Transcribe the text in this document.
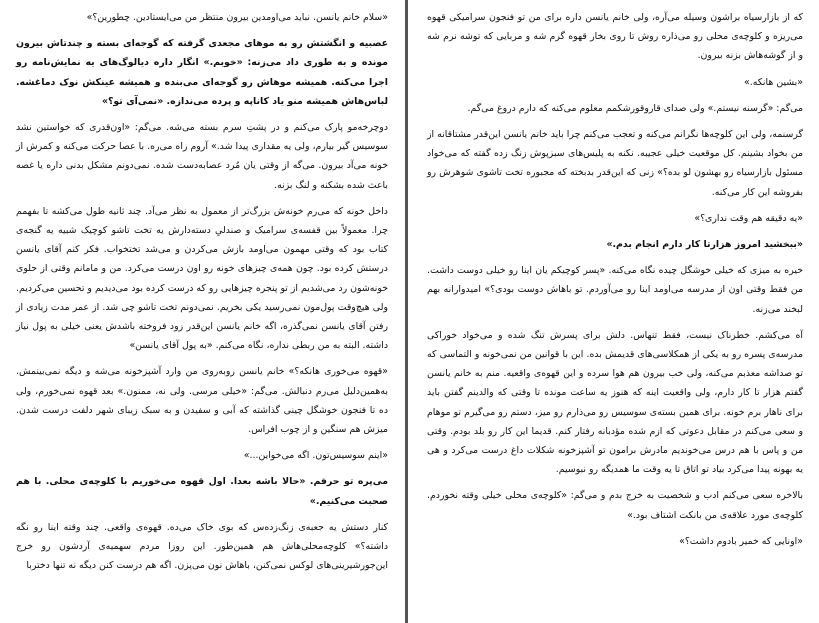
«سلام خانم یانسن. نباید می‌اومدین بیرون منتظر من می‌ایستادین. چطورین؟»

عصبیه و انگشتش رو به موهای مجعدی گرفته که گوجه‌ای بسته و چندتاش بیرون مونده و به طوری داد می‌زنه: «خوبم.» انگار داره دیالوگ‌های یه نمایش‌نامه رو اجرا می‌کنه. همیشه موهاش رو گوجه‌ای می‌بنده و همیشه عینکش نوک دماغشه. لباس‌هاش همیشه منو یاد کاناپه و پرده می‌ندازه. «نمی‌آی تو؟»

دوچرخه‌مو پارک می‌کنم و در پشتِ سرم بسته می‌شه. می‌گم: «اون‌قدری که خواستین نشد سوسیس گیر بیارم، ولی یه مقداری پیدا شد.» آروم راه می‌ره. با عصا حرکت می‌کنه و کمرش از خونه می‌آد بیرون. می‌گه از وقتی یان مُرد عصابه‌دست شده. نمی‌دونم مشکل بدنی داره یا غصه باعث شده بشکنه و لنگ بزنه.

داخل خونه که می‌رم خونه‌ش بزرگ‌تر از معمول به نظر می‌آد. چند ثانیه طول می‌کشه تا بفهمم چرا. معمولاً بین قفسه‌ی سرامیک و صندلیِ دسته‌دارش یه تخت تاشو کوچیک شبیه یه گنجه‌ی کتاب بود که وقتی مهمون می‌اومد بازش می‌کردن و می‌شد تختخواب. فکر کنم آقای یانسن درستش کرده بود. چون همه‌ی چیزهای خونه رو اون درست می‌کرد. من و مامانم وقتی از حلوی خونه‌شون رد می‌شدیم از تو پنجره چیزهایی رو که درست کرده بود می‌دیدیم و تحسین می‌کردیم. ولی هیچ‌وقت پول‌مون نمی‌رسید یکی بخریم. نمی‌دونم تخت تاشو چی شد. از عمر مدت زیادی از رفتن آقای یانسن نمی‌گذره، اگه خانم یانسن این‌قدر زود فروخته باشدش یعنی خیلی به پول نیاز داشته. البته به من ربطی نداره، نگاه می‌کنم. «به پول آقای یانسن»

«قهوه می‌خوری هانکه؟» خانم یانسن روبه‌روی من وارد آشپزخونه می‌شه و دیگه نمی‌بینمش. به‌همین‌دلیل می‌رم دنبالش. می‌گم: «خیلی مرسی. ولی نه، ممنون.» بعد قهوه نمی‌خورم، ولی ده تا فنجون خوشگل چینی گذاشته که آبی و سفیدن و به سبک زیبای شهر دلفت درست شدن. میزش هم سنگین و از چوب افراس.

«اینم سوسیس‌تون. اگه می‌خواین...»

می‌پره تو حرفم. «حالا باشه بعدا. اول قهوه می‌خوریم با کلوچه‌ی محلی. با هم صحبت می‌کنیم.»

کنار دستش یه جعبه‌ی زنگ‌زده‌س که بوی خاک می‌ده. قهوه‌ی واقعی. چند وقته اینا رو نگه داشته؟» کلوچه‌محلی‌هاش هم همین‌طور. این روزا مردم سهمیه‌ی آردشون رو خرج این‌جورشیرینی‌های لوکس نمی‌کنن، باهاش نون می‌پزن. اگه هم درست کنن دیگه نه تنها دختربا

که از بازارسیاه براشون وسیله می‌آره، ولی خانم یانسن داره برای من تو فنجون سرامیکی قهوه می‌ریزه و کلوچه‌ی محلی رو می‌ذاره روش تا روی بخار قهوه گرم شه و مربایی که توشه نرم شه و از گوشه‌هاش بزنه بیرون.

«بشین هانکه.»

می‌گم: «گرسنه نیستم.» ولی صدای قاروقورشکمم معلوم می‌کنه که دارم دروغ می‌گم.

گرسنمه، ولی این کلوچه‌ها نگرانم می‌کنه و تعجب می‌کنم چرا باید خانم یانسن این‌قدر مشتاقانه از من بخواد بشینم. کل موقعیت خیلی عجیبه. نکنه به پلیس‌های سبزپوش زنگ زده گفته که می‌خواد مسئول بازارسیاه رو بهشون لو بده؟» زنی که این‌قدر بدبخته که مجبوره تخت تاشوی شوهرش رو بفروشه این کار می‌کنه.

«یه دقیقه هم وقت نداری؟»

«ببخشید امروز هزارتا کار دارم انجام بدم.»

خیره به میزی که خیلی خوشگل چیده نگاه می‌کنه. «پسر کوچیکم یان اینا رو خیلی دوست داشت. من فقط وقتی اون از مدرسه می‌اومد اینا رو می‌آوردم. تو باهاش دوست بودی؟» امیدوارانه بهم لبخند می‌زنه.

آه می‌کشم. خطرناک نیست، فقط تنهاس. دلش برای پسرش تنگ شده و می‌خواد خوراکی مدرسه‌ی پسره رو به یکی از همکلاسی‌های قدیمش بده. این با قوانین من نمی‌خونه و التماسی که تو صداشه معذبم می‌کنه، ولی خب بیرون هم هوا سرده و این قهوه‌ی واقعیه. منم به خانم یانسن گفتم هزار تا کار دارم، ولی واقعیت اینه که هنوز یه ساعت مونده تا وقتی که والدینم گفتن باید برای ناهار برم خونه. برای همین بسته‌ی سوسیس رو می‌ذارم رو میز، دستم رو می‌گیرم تو موهام و سعی می‌کنم در مقابل دعوتی که ازم شده مؤدبانه رفتار کنم. قدیما این کار رو بلد بودم. وقتی من و پاس با هم درس می‌خوندیم مادرش برامون تو آشپزخونه شکلات داغ درست می‌کرد و هی یه بهونه پیدا می‌کرد بیاد تو اتاق تا یه وقت ما همدیگه رو نبوسیم.

بالاخره سعی می‌کنم ادب و شخصیت به خرج بدم و می‌گم: «کلوچه‌ی محلی خیلی وقته نخوردم. کلوچه‌ی مورد علاقه‌ی من بانکت اشتاف بود.»

«اونایی که خمیر بادوم داشت؟»
